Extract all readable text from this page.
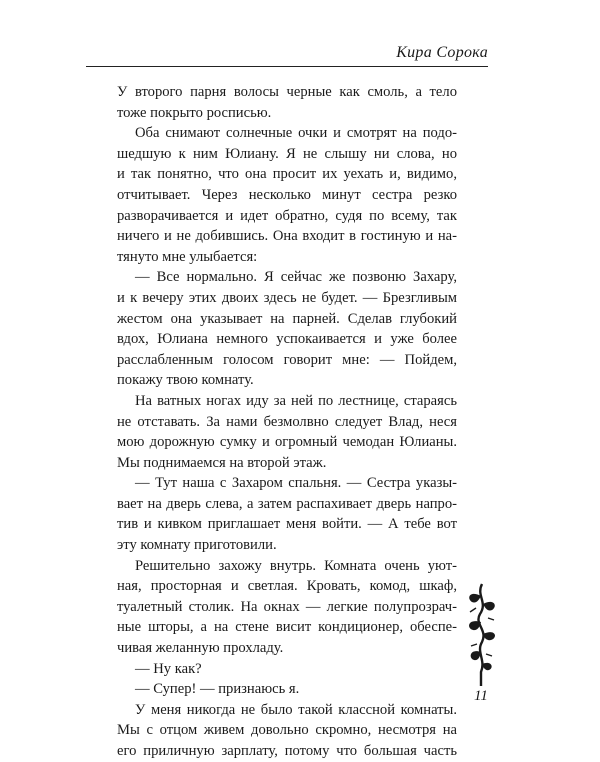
Кира Сорока
У второго парня волосы черные как смоль, а тело
тоже покрыто росписью.
Оба снимают солнечные очки и смотрят на подо-
шедшую к ним Юлиану. Я не слышу ни слова, но
и так понятно, что она просит их уехать и, видимо,
отчитывает. Через несколько минут сестра резко
разворачивается и идет обратно, судя по всему, так
ничего и не добившись. Она входит в гостиную и на-
тянуто мне улыбается:
— Все нормально. Я сейчас же позвоню Захару,
и к вечеру этих двоих здесь не будет. — Брезгливым
жестом она указывает на парней. Сделав глубокий
вдох, Юлиана немного успокаивается и уже более
расслабленным голосом говорит мне: — Пойдем,
покажу твою комнату.
На ватных ногах иду за ней по лестнице, стараясь
не отставать. За нами безмолвно следует Влад, неся
мою дорожную сумку и огромный чемодан Юлианы.
Мы поднимаемся на второй этаж.
— Тут наша с Захаром спальня. — Сестра указы-
вает на дверь слева, а затем распахивает дверь напро-
тив и кивком приглашает меня войти. — А тебе вот
эту комнату приготовили.
Решительно захожу внутрь. Комната очень уют-
ная, просторная и светлая. Кровать, комод, шкаф,
туалетный столик. На окнах — легкие полупрозрач-
ные шторы, а на стене висит кондиционер, обеспе-
чивая желанную прохладу.
— Ну как?
— Супер! — признаюсь я.
У меня никогда не было такой классной комнаты.
Мы с отцом живем довольно скромно, несмотря на
его приличную зарплату, потому что большая часть
11
